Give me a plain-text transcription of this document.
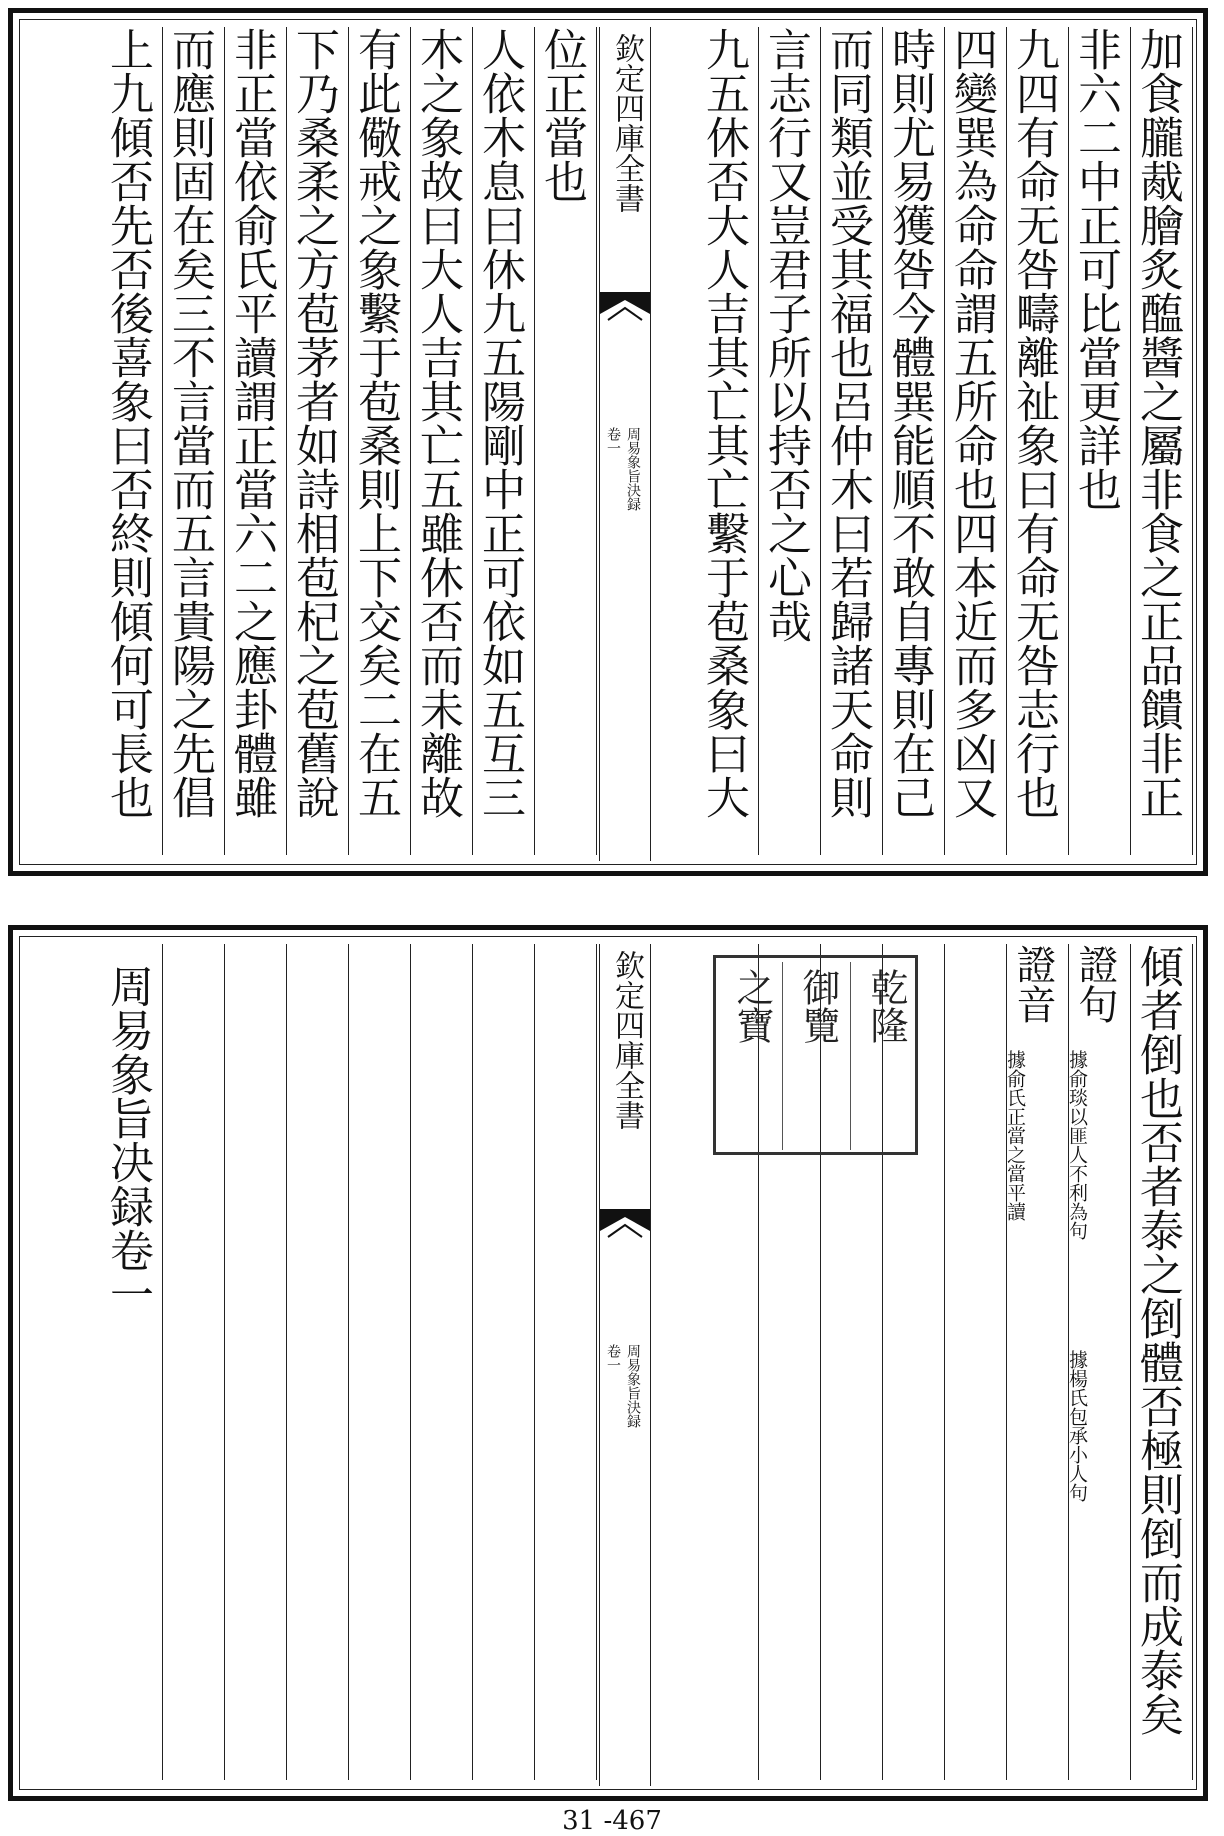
加食朧胾膾炙醢醬之屬非食之正品饋非正
非六二中正可比當更詳也
九四有命无咎疇離祉象曰有命无咎志行也
四變巽為命命謂五所命也四本近而多凶又
時則尤易獲咎今體巽能順不敢自專則在己
而同類並受其福也呂仲木曰若歸諸天命則
言志行又豈君子所以持否之心哉
九五休否大人吉其亡其亡繫于苞桑象曰大
欽定四庫全書
周易象旨決録
卷一
位正當也
人依木息曰休九五陽剛中正可依如五互三
木之象故曰大人吉其亡五雖休否而未離故
有此儆戒之象繫于苞桑則上下交矣二在五
下乃桑柔之方苞茅者如詩相苞杞之苞舊說
非正當依俞氏平讀謂正當六二之應卦體雖
而應則固在矣三不言當而五言貴陽之先倡
上九傾否先否後喜象曰否終則傾何可長也
傾者倒也否者泰之倒體否極則倒而成泰矣
證句
據俞琰以匪人不利為句
據楊氏包承小人句
證音
據俞氏正當之當平讀
乾隆
御覽
之寶
欽定四庫全書
周易象旨決録
卷一
周易象旨决録卷一
31 -467
